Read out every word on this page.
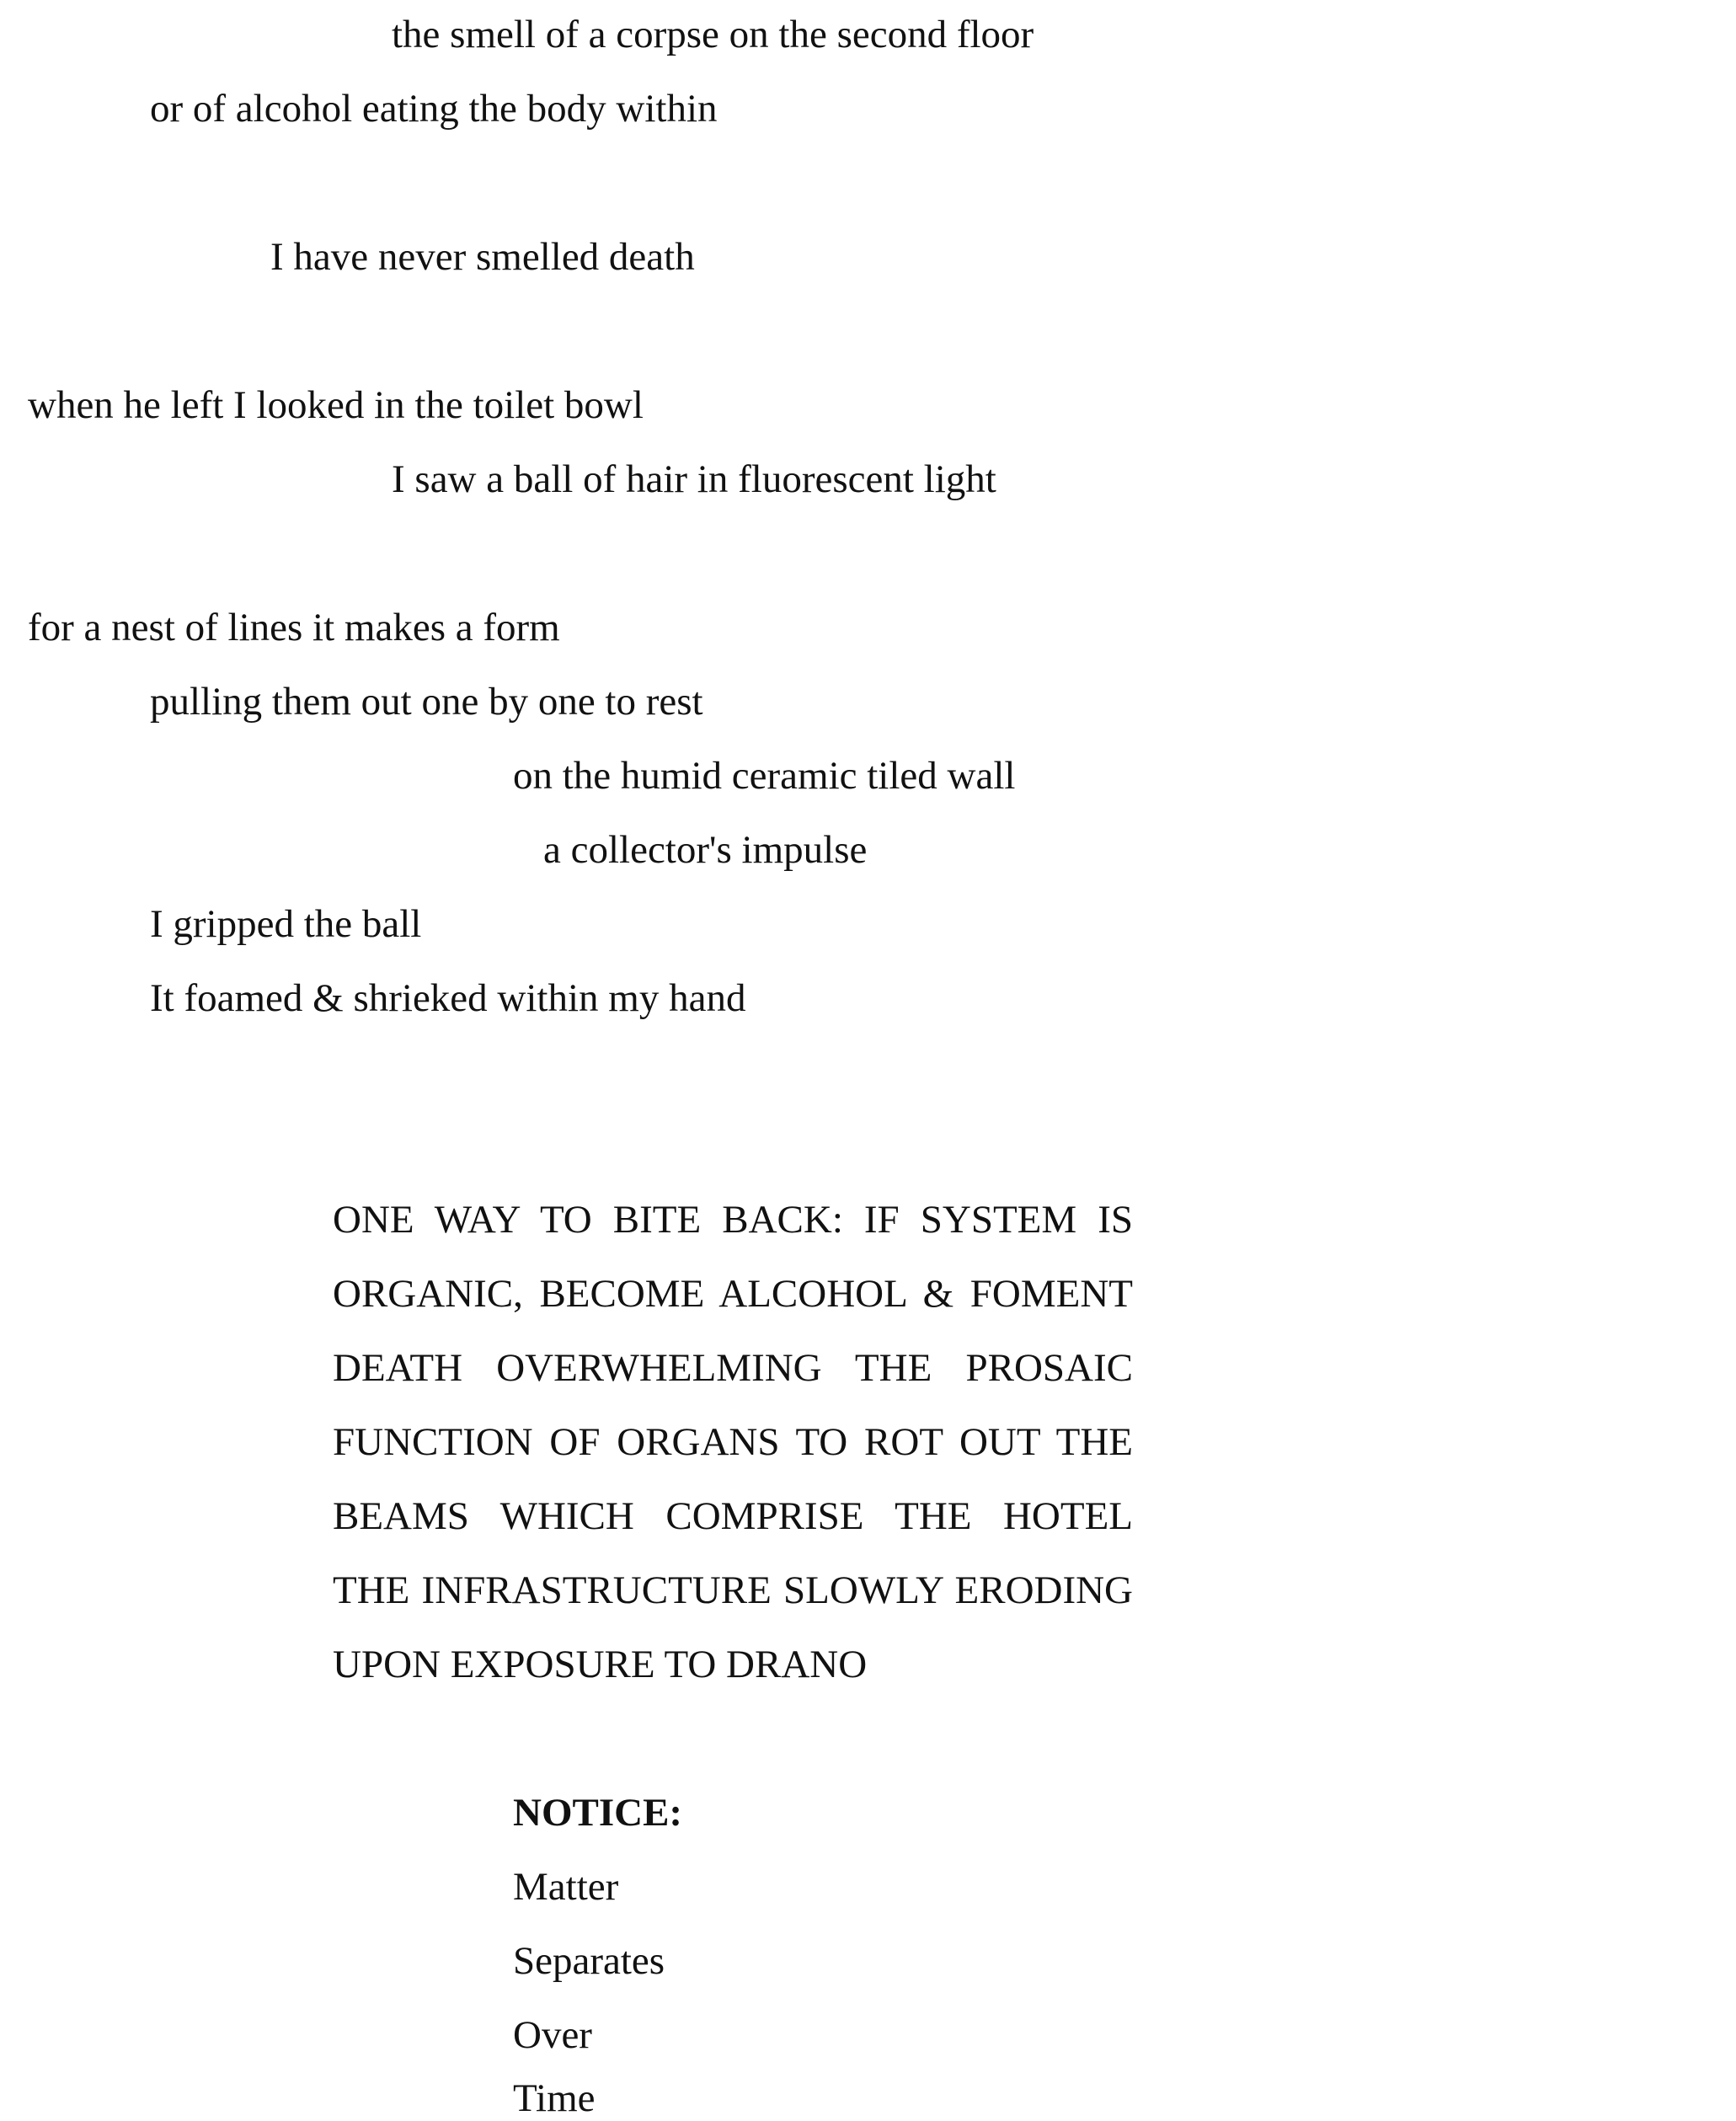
the smell of a corpse on the second floor
or of alcohol eating the body within
I have never smelled death
when he left I looked in the toilet bowl
I saw a ball of hair in fluorescent light
for a nest of lines it makes a form
pulling them out one by one to rest
on the humid ceramic tiled wall
a collector's impulse
I gripped the ball
It foamed & shrieked within my hand
ONE WAY TO BITE BACK: IF SYSTEM IS
ORGANIC, BECOME ALCOHOL & FOMENT
DEATH OVERWHELMING THE PROSAIC
FUNCTION OF ORGANS TO ROT OUT THE
BEAMS WHICH COMPRISE THE HOTEL
THE INFRASTRUCTURE SLOWLY ERODING
UPON EXPOSURE TO DRANO
NOTICE:
Matter
Separates
Over
Time
